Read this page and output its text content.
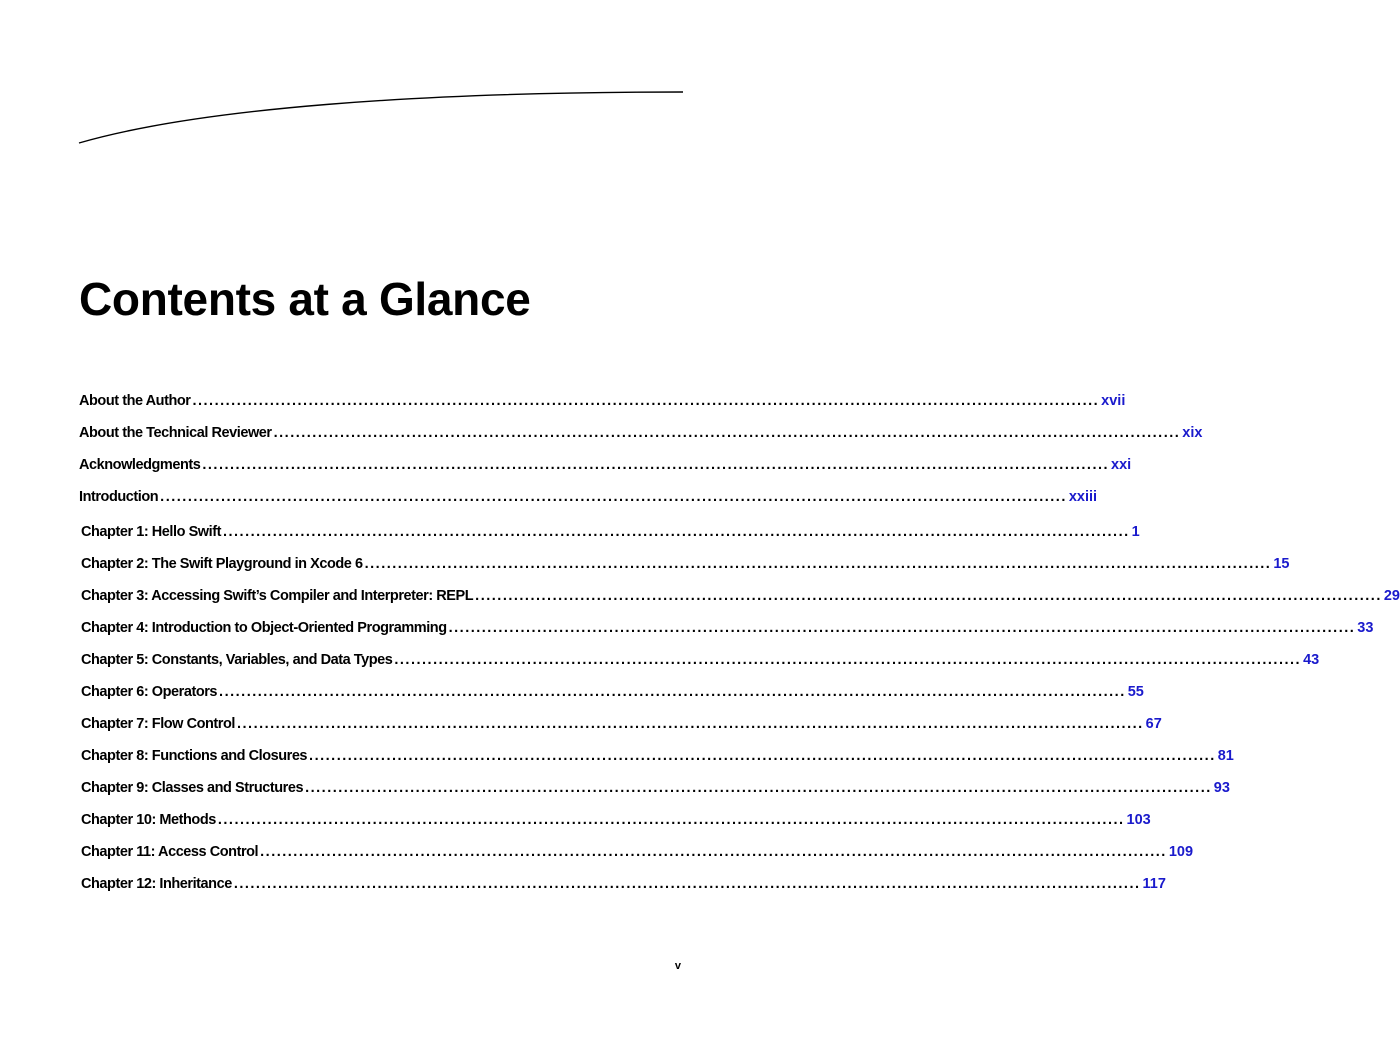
Contents at a Glance
About the Author .................................................................................................................................................................... xvii
About the Technical Reviewer .................................................................................................................................................................... xix
Acknowledgments .................................................................................................................................................................... xxi
Introduction .................................................................................................................................................................... xxiii
Chapter 1: Hello Swift .................................................................................................................................................................... 1
Chapter 2: The Swift Playground in Xcode 6 .................................................................................................................................................................... 15
Chapter 3: Accessing Swift’s Compiler and Interpreter: REPL .................................................................................................................................................................... 29
Chapter 4: Introduction to Object-Oriented Programming .................................................................................................................................................................... 33
Chapter 5: Constants, Variables, and Data Types .................................................................................................................................................................... 43
Chapter 6: Operators .................................................................................................................................................................... 55
Chapter 7: Flow Control .................................................................................................................................................................... 67
Chapter 8: Functions and Closures .................................................................................................................................................................... 81
Chapter 9: Classes and Structures .................................................................................................................................................................... 93
Chapter 10: Methods .................................................................................................................................................................... 103
Chapter 11: Access Control .................................................................................................................................................................... 109
Chapter 12: Inheritance .................................................................................................................................................................... 117
v
